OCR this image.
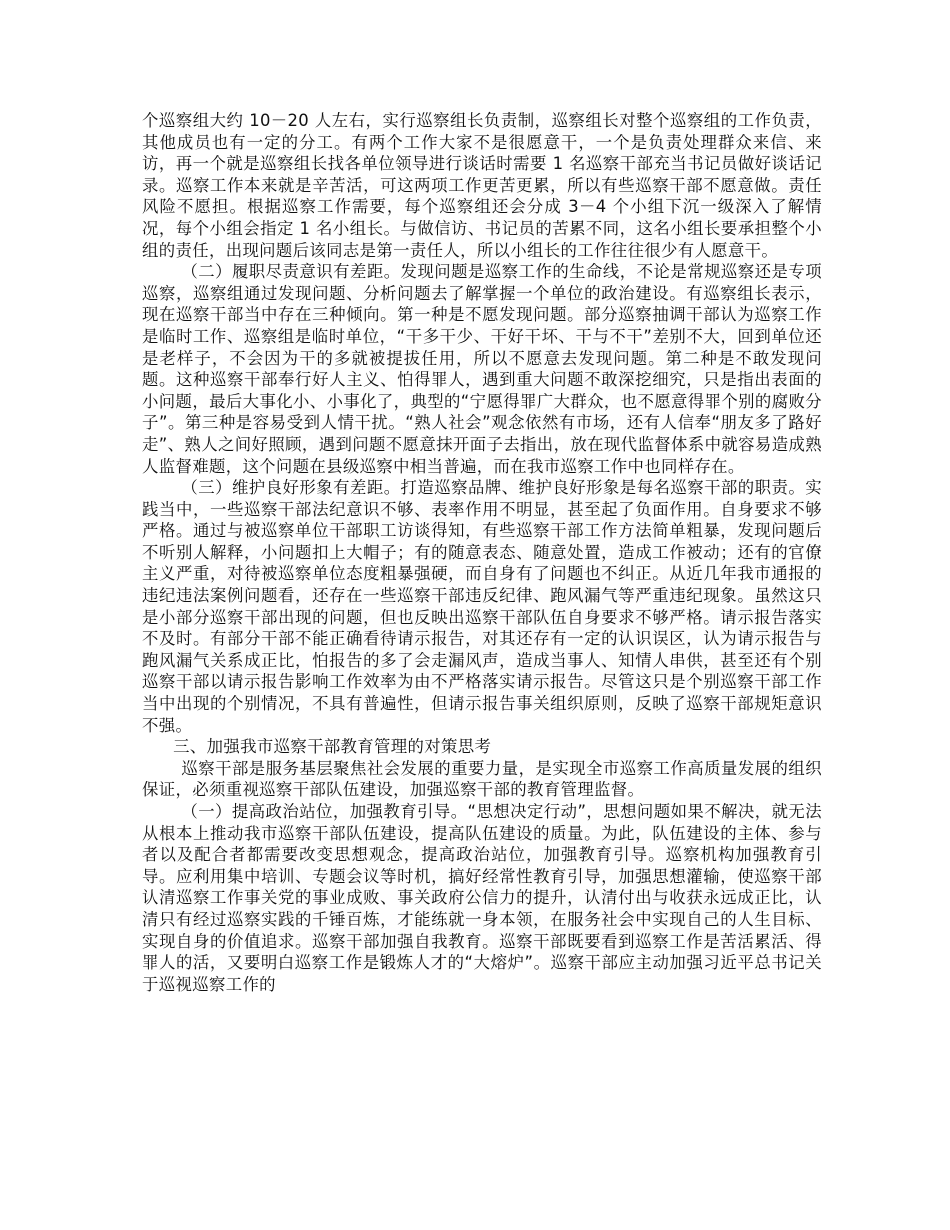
个巡察组大约 10－20 人左右，实行巡察组长负责制，巡察组长对整个巡察组的工作负责，其他成员也有一定的分工。有两个工作大家不是很愿意干，一个是负责处理群众来信、来访，再一个就是巡察组长找各单位领导进行谈话时需要 1 名巡察干部充当书记员做好谈话记录。巡察工作本来就是辛苦活，可这两项工作更苦更累，所以有些巡察干部不愿意做。责任风险不愿担。根据巡察工作需要，每个巡察组还会分成 3－4 个小组下沉一级深入了解情况，每个小组会指定 1 名小组长。与做信访、书记员的苦累不同，这名小组长要承担整个小组的责任，出现问题后该同志是第一责任人，所以小组长的工作往往很少有人愿意干。

（二）履职尽责意识有差距。发现问题是巡察工作的生命线，不论是常规巡察还是专项巡察，巡察组通过发现问题、分析问题去了解掌握一个单位的政治建设。有巡察组长表示，现在巡察干部当中存在三种倾向。第一种是不愿发现问题。部分巡察抽调干部认为巡察工作是临时工作、巡察组是临时单位，“干多干少、干好干坏、干与不干”差别不大，回到单位还是老样子，不会因为干的多就被提拔任用，所以不愿意去发现问题。第二种是不敢发现问题。这种巡察干部奉行好人主义、怕得罪人，遇到重大问题不敢深挖细究，只是指出表面的小问题，最后大事化小、小事化了，典型的“宁愿得罪广大群众，也不愿意得罪个别的腐败分子”。第三种是容易受到人情干扰。“熟人社会”观念依然有市场，还有人信奉“朋友多了路好走”、熟人之间好照顾，遇到问题不愿意抹开面子去指出，放在现代监督体系中就容易造成熟人监督难题，这个问题在县级巡察中相当普遍，而在我市巡察工作中也同样存在。

（三）维护良好形象有差距。打造巡察品牌、维护良好形象是每名巡察干部的职责。实践当中，一些巡察干部法纪意识不够、表率作用不明显，甚至起了负面作用。自身要求不够严格。通过与被巡察单位干部职工访谈得知，有些巡察干部工作方法简单粗暴，发现问题后不听别人解释，小问题扣上大帽子；有的随意表态、随意处置，造成工作被动；还有的官僚主义严重，对待被巡察单位态度粗暴强硬，而自身有了问题也不纠正。从近几年我市通报的违纪违法案例问题看，还存在一些巡察干部违反纪律、跑风漏气等严重违纪现象。虽然这只是小部分巡察干部出现的问题，但也反映出巡察干部队伍自身要求不够严格。请示报告落实不及时。有部分干部不能正确看待请示报告，对其还存有一定的认识误区，认为请示报告与跑风漏气关系成正比，怕报告的多了会走漏风声，造成当事人、知情人串供，甚至还有个别巡察干部以请示报告影响工作效率为由不严格落实请示报告。尽管这只是个别巡察干部工作当中出现的个别情况，不具有普遍性，但请示报告事关组织原则，反映了巡察干部规矩意识不强。

三、加强我市巡察干部教育管理的对策思考

巡察干部是服务基层聚焦社会发展的重要力量，是实现全市巡察工作高质量发展的组织保证，必须重视巡察干部队伍建设，加强巡察干部的教育管理监督。

（一）提高政治站位，加强教育引导。“思想决定行动”，思想问题如果不解决，就无法从根本上推动我市巡察干部队伍建设，提高队伍建设的质量。为此，队伍建设的主体、参与者以及配合者都需要改变思想观念，提高政治站位，加强教育引导。巡察机构加强教育引导。应利用集中培训、专题会议等时机，搞好经常性教育引导，加强思想灌输，使巡察干部认清巡察工作事关党的事业成败、事关政府公信力的提升，认清付出与收获永远成正比，认清只有经过巡察实践的千锤百炼，才能练就一身本领，在服务社会中实现自己的人生目标、实现自身的价值追求。巡察干部加强自我教育。巡察干部既要看到巡察工作是苦活累活、得罪人的活，又要明白巡察工作是锻炼人才的“大熔炉”。巡察干部应主动加强习近平总书记关于巡视巡察工作的
